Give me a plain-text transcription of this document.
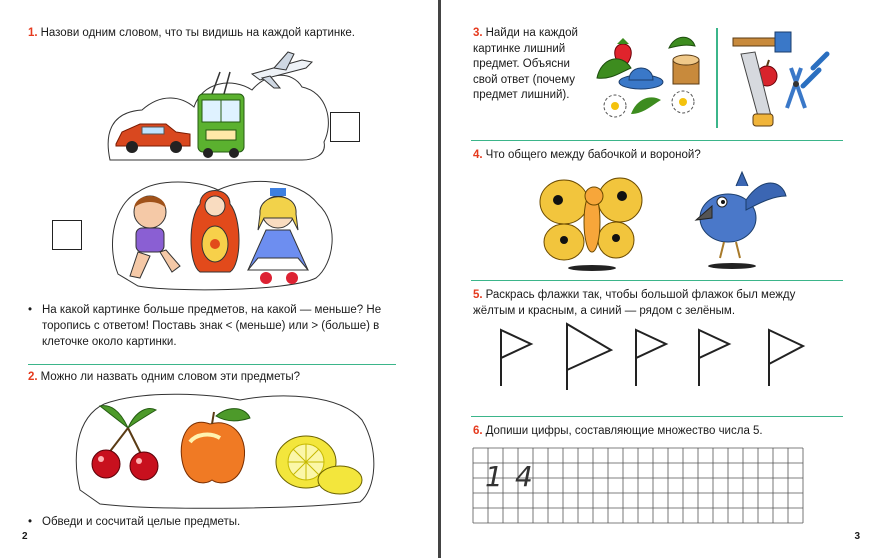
1. Назови одним словом, что ты видишь на каждой картинке.
• На какой картинке больше предметов, на какой — меньше? Не торопись с ответом! Поставь знак < (меньше) или > (больше) в клеточке около картинки.
2. Можно ли назвать одним словом эти предметы?
• Обведи и сосчитай целые предметы.
2
3. Найди на каждой картинке лишний предмет. Объясни свой ответ (почему предмет лишний).
4. Что общего между бабочкой и вороной?
5. Раскрась флажки так, чтобы большой флажок был между жёлтым и красным, а синий — рядом с зелёным.
6. Допиши цифры, составляющие множество числа 5.
1 4
3
